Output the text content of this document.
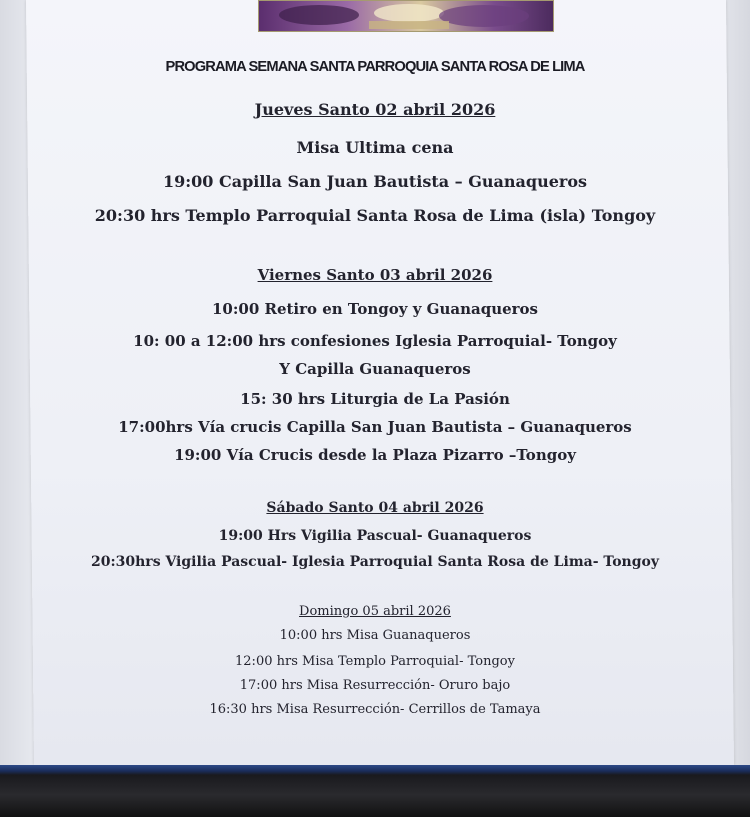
PROGRAMA SEMANA SANTA PARROQUIA SANTA ROSA DE LIMA
Jueves Santo 02 abril 2026
Misa Ultima cena
19:00 Capilla San Juan Bautista – Guanaqueros
20:30 hrs Templo Parroquial Santa Rosa de Lima (isla) Tongoy
Viernes Santo 03 abril 2026
10:00 Retiro en Tongoy y Guanaqueros
10: 00 a 12:00 hrs confesiones Iglesia Parroquial- Tongoy
Y Capilla Guanaqueros
15: 30 hrs Liturgia de La Pasión
17:00hrs Vía crucis Capilla San Juan Bautista – Guanaqueros
19:00 Vía Crucis desde la Plaza Pizarro –Tongoy
Sábado Santo 04 abril 2026
19:00 Hrs Vigilia Pascual- Guanaqueros
20:30hrs Vigilia Pascual- Iglesia Parroquial Santa Rosa de Lima- Tongoy
Domingo 05 abril 2026
10:00 hrs Misa Guanaqueros
12:00 hrs Misa Templo Parroquial- Tongoy
17:00 hrs Misa Resurrección- Oruro bajo
16:30 hrs Misa Resurrección- Cerrillos de Tamaya
